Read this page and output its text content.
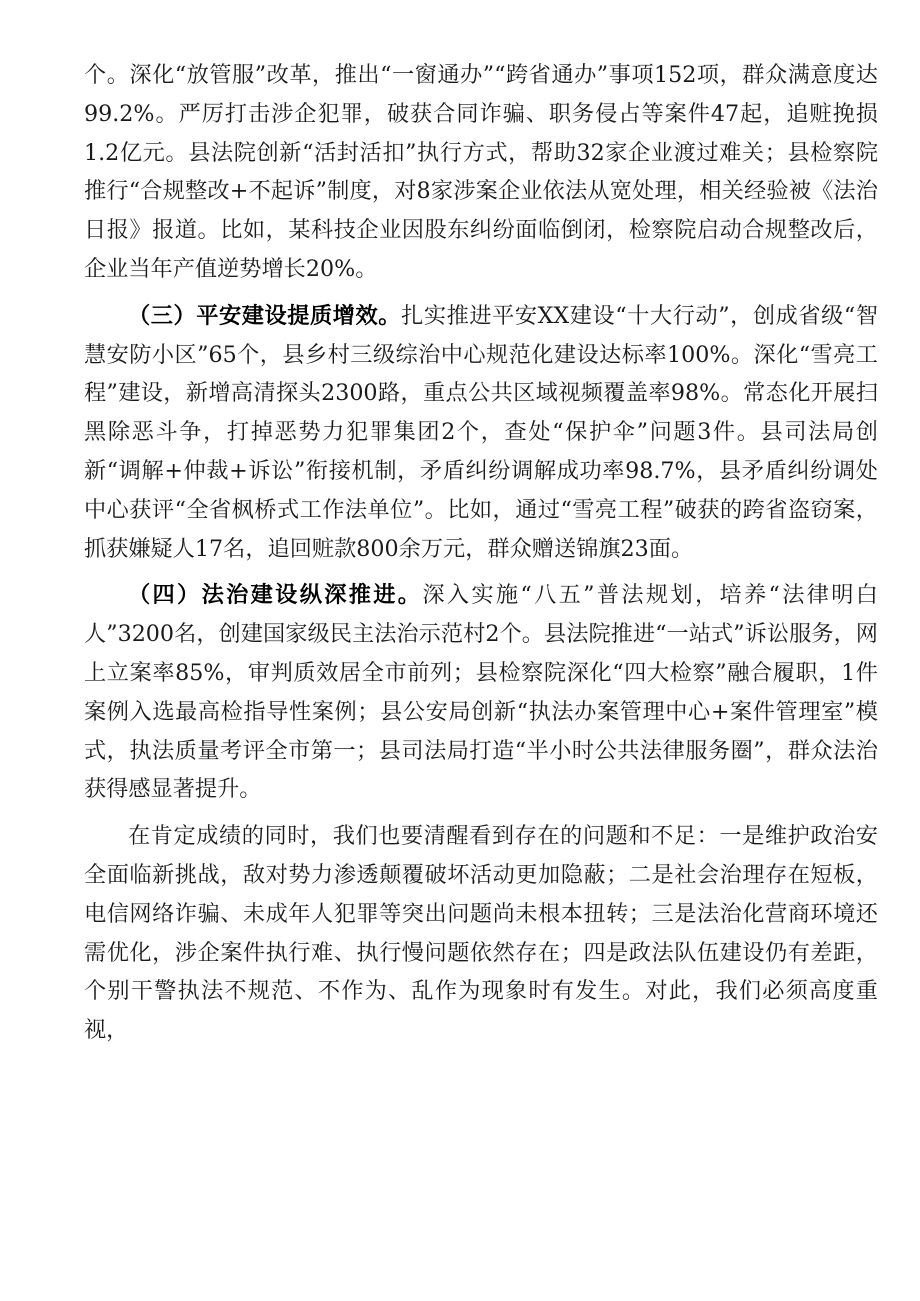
个。深化“放管服”改革，推出“一窗通办”“跨省通办”事项152项，群众满意度达99.2%。严厉打击涉企犯罪，破获合同诈骗、职务侵占等案件47起，追赃挽损1.2亿元。县法院创新“活封活扣”执行方式，帮助32家企业渡过难关；县检察院推行“合规整改+不起诉”制度，对8家涉案企业依法从宽处理，相关经验被《法治日报》报道。比如，某科技企业因股东纠纷面临倒闭，检察院启动合规整改后，企业当年产值逆势增长20%。

（三）平安建设提质增效。扎实推进平安XX建设“十大行动”，创成省级“智慧安防小区”65个，县乡村三级综治中心规范化建设达标率100%。深化“雪亮工程”建设，新增高清探头2300路，重点公共区域视频覆盖率98%。常态化开展扫黑除恶斗争，打掉恶势力犯罪集团2个，查处“保护伞”问题3件。县司法局创新“调解+仲裁+诉讼”衔接机制，矛盾纠纷调解成功率98.7%，县矛盾纠纷调处中心获评“全省枫桥式工作法单位”。比如，通过“雪亮工程”破获的跨省盗窃案，抓获嫌疑人17名，追回赃款800余万元，群众赠送锦旗23面。

（四）法治建设纵深推进。深入实施“八五”普法规划，培养“法律明白人”3200名，创建国家级民主法治示范村2个。县法院推进“一站式”诉讼服务，网上立案率85%，审判质效居全市前列；县检察院深化“四大检察”融合履职，1件案例入选最高检指导性案例；县公安局创新“执法办案管理中心+案件管理室”模式，执法质量考评全市第一；县司法局打造“半小时公共法律服务圈”，群众法治获得感显著提升。

在肯定成绩的同时，我们也要清醒看到存在的问题和不足：一是维护政治安全面临新挑战，敌对势力渗透颠覆破坏活动更加隐蔽；二是社会治理存在短板，电信网络诈骗、未成年人犯罪等突出问题尚未根本扭转；三是法治化营商环境还需优化，涉企案件执行难、执行慢问题依然存在；四是政法队伍建设仍有差距，个别干警执法不规范、不作为、乱作为现象时有发生。对此，我们必须高度重视，
